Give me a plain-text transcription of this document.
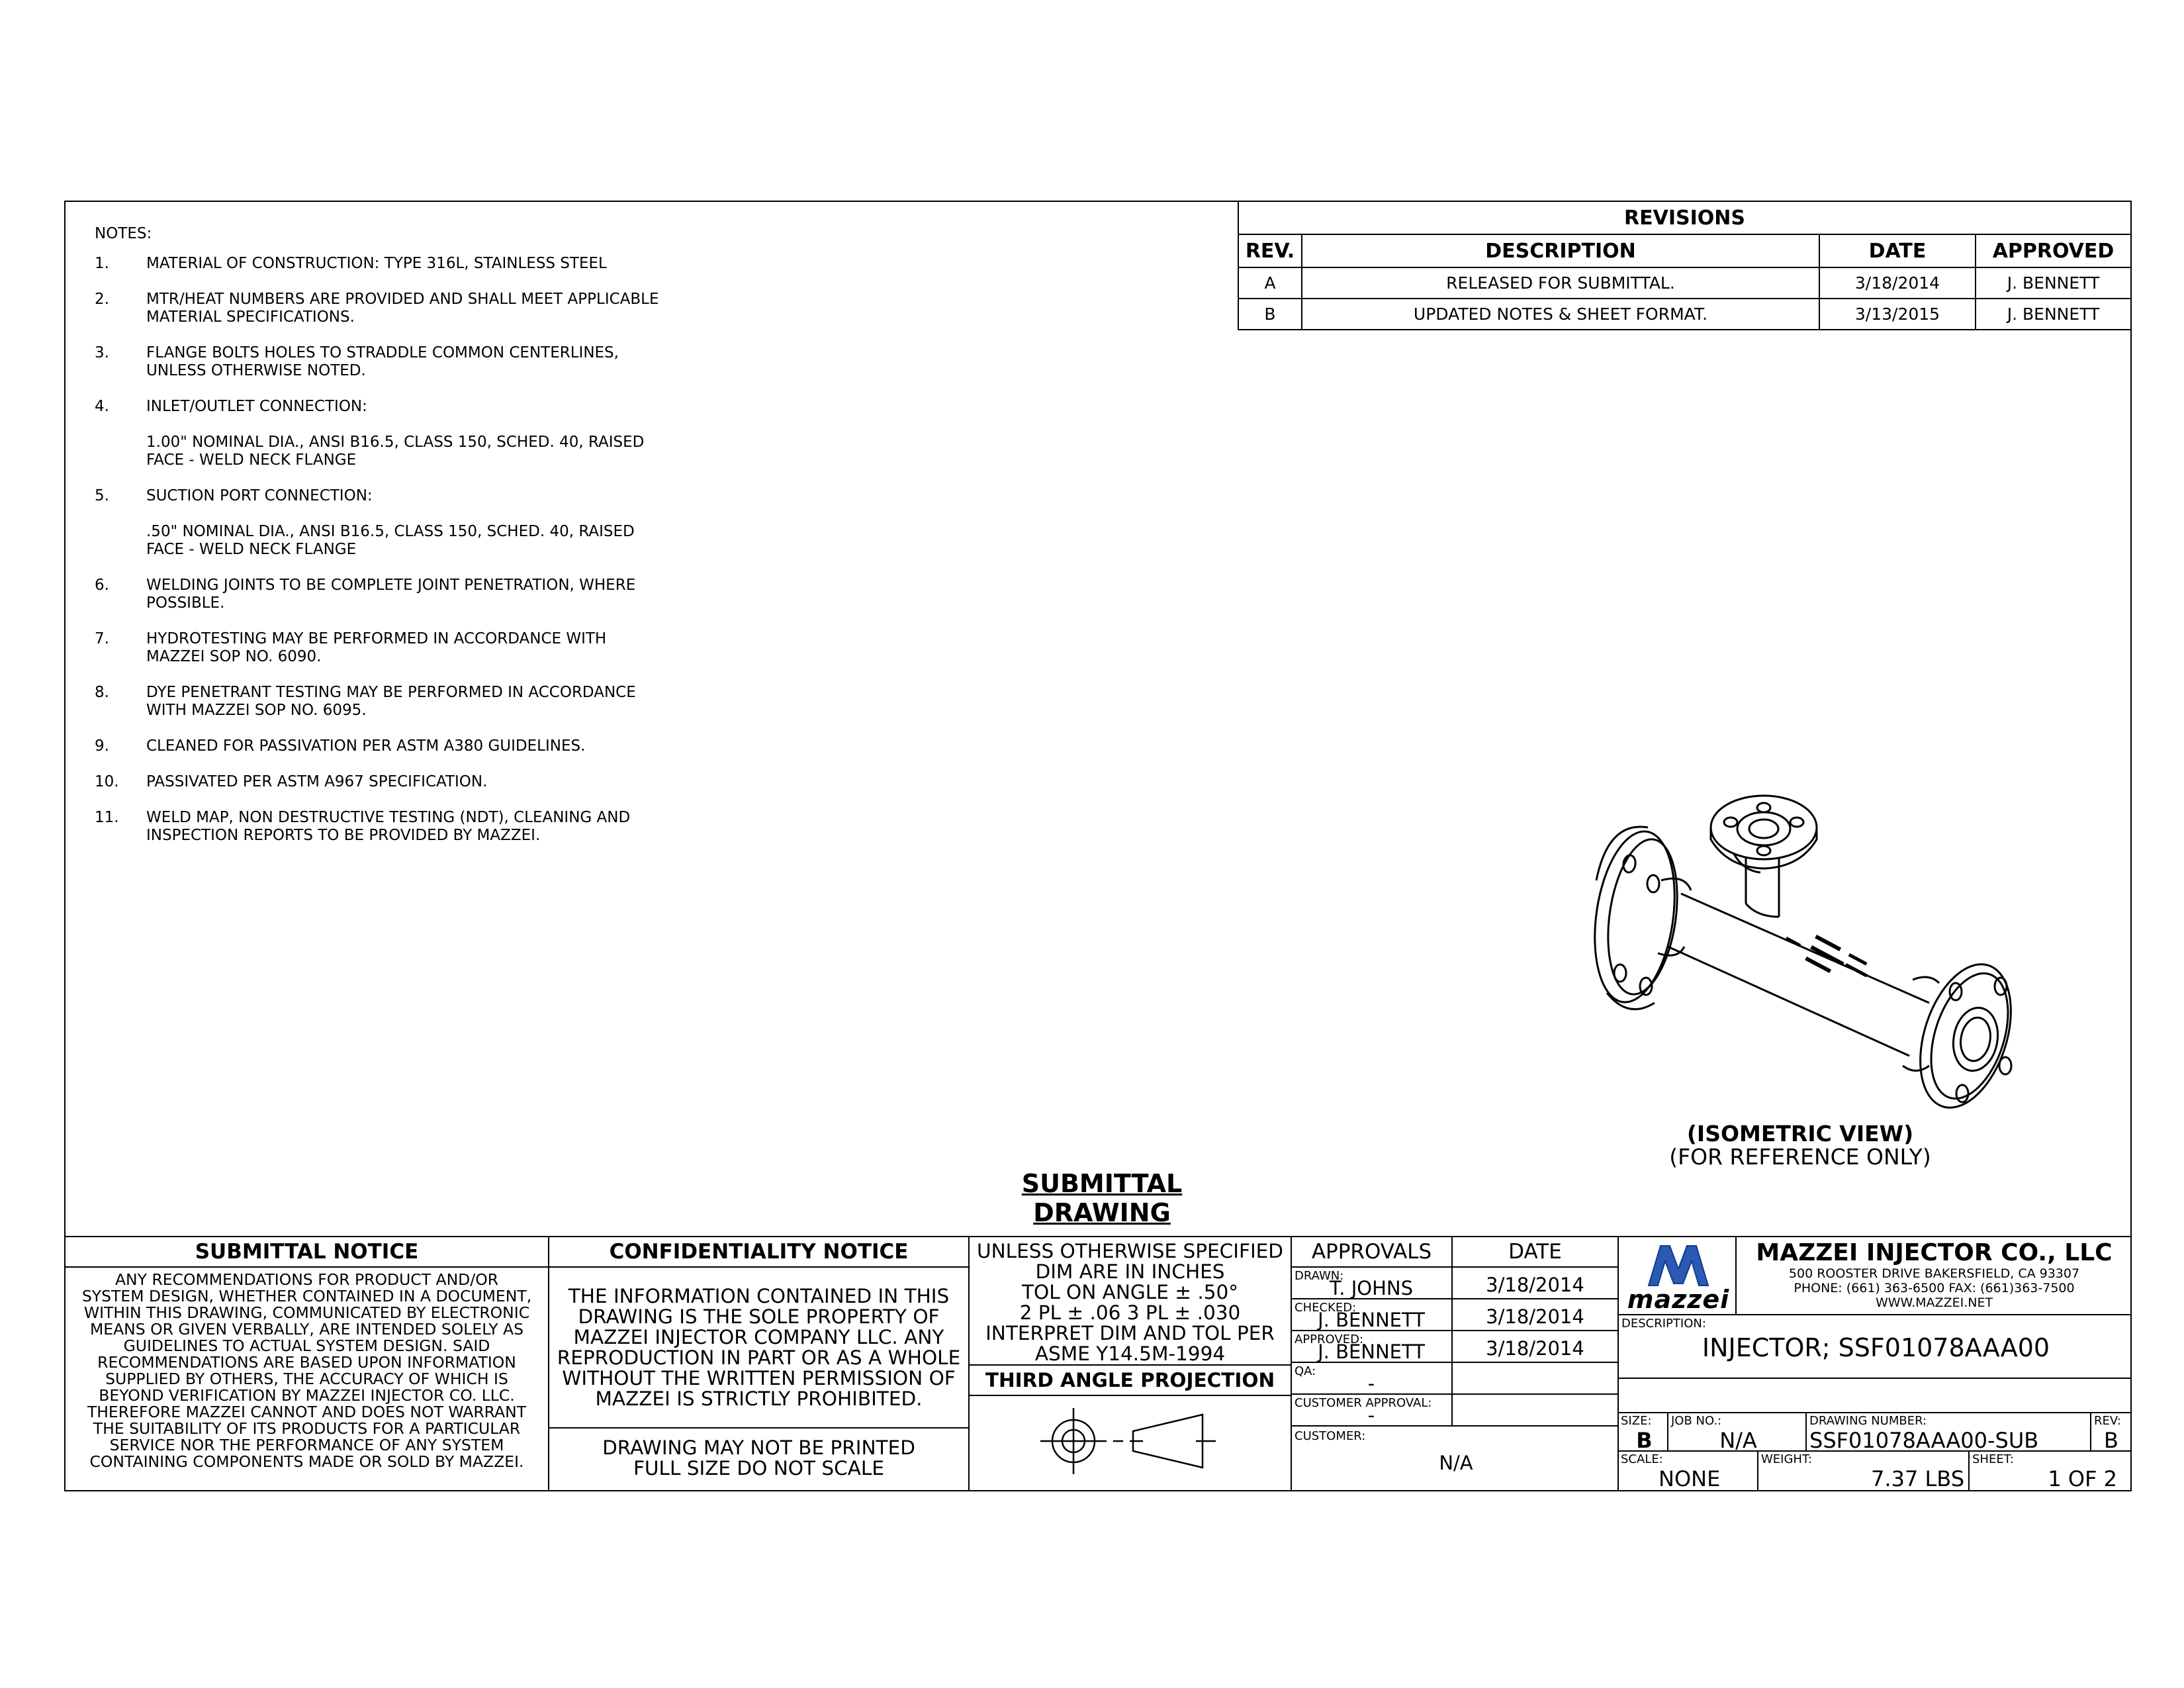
NOTES:
1.	MATERIAL OF CONSTRUCTION: TYPE 316L, STAINLESS STEEL
2.	MTR/HEAT NUMBERS ARE PROVIDED AND SHALL MEET APPLICABLE
MATERIAL SPECIFICATIONS.
3.	FLANGE BOLTS HOLES TO STRADDLE COMMON CENTERLINES,
UNLESS OTHERWISE NOTED.
4.	INLET/OUTLET CONNECTION:
1.00" NOMINAL DIA., ANSI B16.5, CLASS 150, SCHED. 40, RAISED
FACE - WELD NECK FLANGE
5.	SUCTION PORT CONNECTION:
.50" NOMINAL DIA., ANSI B16.5, CLASS 150, SCHED. 40, RAISED
FACE - WELD NECK FLANGE
6.	WELDING JOINTS TO BE COMPLETE JOINT PENETRATION, WHERE
POSSIBLE.
7.	HYDROTESTING MAY BE PERFORMED IN ACCORDANCE WITH
MAZZEI SOP NO. 6090.
8.	DYE PENETRANT TESTING MAY BE PERFORMED IN ACCORDANCE
WITH MAZZEI SOP NO. 6095.
9.	CLEANED FOR PASSIVATION PER ASTM A380 GUIDELINES.
10.	PASSIVATED PER ASTM A967 SPECIFICATION.
11.	WELD MAP, NON DESTRUCTIVE TESTING (NDT), CLEANING AND
INSPECTION REPORTS TO BE PROVIDED BY MAZZEI.
REVISIONS			
REV.	DESCRIPTION	DATE	APPROVED
A	RELEASED FOR SUBMITTAL.	3/18/2014	J. BENNETT
B	UPDATED NOTES & SHEET FORMAT.	3/13/2015	J. BENNETT
(ISOMETRIC VIEW)
(FOR REFERENCE ONLY)
SUBMITTAL DRAWING
SUBMITTAL NOTICE
ANY RECOMMENDATIONS FOR PRODUCT AND/OR
SYSTEM DESIGN, WHETHER CONTAINED IN A DOCUMENT,
WITHIN THIS DRAWING, COMMUNICATED BY ELECTRONIC
MEANS OR GIVEN VERBALLY, ARE INTENDED SOLELY AS
GUIDELINES TO ACTUAL SYSTEM DESIGN. SAID
RECOMMENDATIONS ARE BASED UPON INFORMATION
SUPPLIED BY OTHERS, THE ACCURACY OF WHICH IS
BEYOND VERIFICATION BY MAZZEI INJECTOR CO. LLC.
THEREFORE MAZZEI CANNOT AND DOES NOT WARRANT
THE SUITABILITY OF ITS PRODUCTS FOR A PARTICULAR
SERVICE NOR THE PERFORMANCE OF ANY SYSTEM
CONTAINING COMPONENTS MADE OR SOLD BY MAZZEI.
CONFIDENTIALITY NOTICE
THE INFORMATION CONTAINED IN THIS
DRAWING IS THE SOLE PROPERTY OF
MAZZEI INJECTOR COMPANY LLC. ANY
REPRODUCTION IN PART OR AS A WHOLE
WITHOUT THE WRITTEN PERMISSION OF
MAZZEI IS STRICTLY PROHIBITED.
DRAWING MAY NOT BE PRINTED
FULL SIZE DO NOT SCALE
UNLESS OTHERWISE SPECIFIED
DIM ARE IN INCHES
TOL ON ANGLE ± .50°
2 PL ± .06 3 PL ± .030
INTERPRET DIM AND TOL PER
ASME Y14.5M-1994
THIRD ANGLE PROJECTION
APPROVALS	DATE
DRAWN:
T. JOHNS	3/18/2014
CHECKED:
J. BENNETT	3/18/2014
APPROVED:
J. BENNETT	3/18/2014
QA:
-
CUSTOMER APPROVAL:
-
CUSTOMER:
N/A
mazzei
MAZZEI INJECTOR CO., LLC
500 ROOSTER DRIVE BAKERSFIELD, CA 93307
PHONE: (661) 363-6500 FAX: (661)363-7500
WWW.MAZZEI.NET
DESCRIPTION:
INJECTOR; SSF01078AAA00
SIZE:
B
JOB NO.:
N/A
DRAWING NUMBER:
SSF01078AAA00-SUB
REV:
B
SCALE:
NONE
WEIGHT:
7.37 LBS
SHEET:
1 OF 2
